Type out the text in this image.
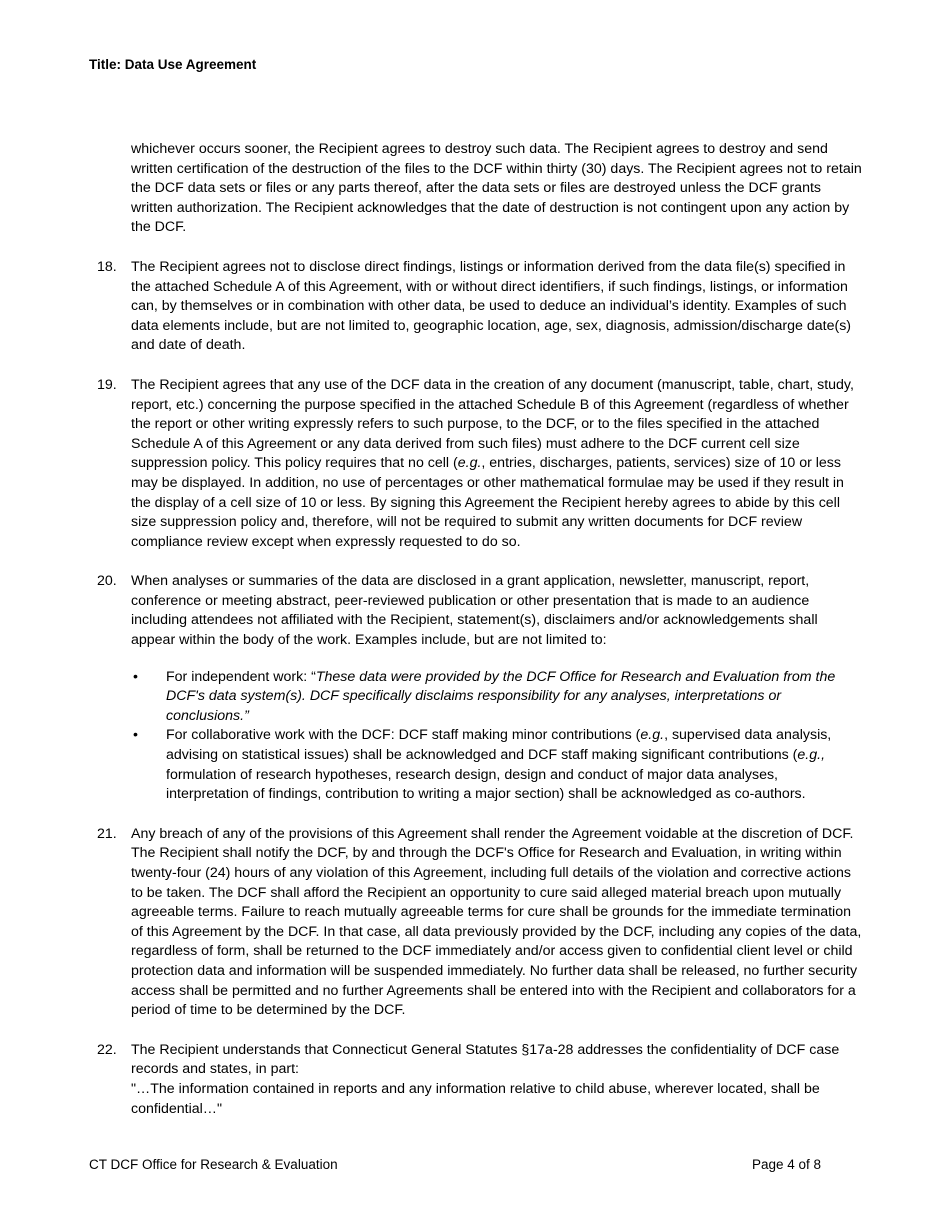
Title: Data Use Agreement

whichever occurs sooner, the Recipient agrees to destroy such data. The Recipient agrees to destroy and send written certification of the destruction of the files to the DCF within thirty (30) days. The Recipient agrees not to retain the DCF data sets or files or any parts thereof, after the data sets or files are destroyed unless the DCF grants written authorization. The Recipient acknowledges that the date of destruction is not contingent upon any action by the DCF.

18. The Recipient agrees not to disclose direct findings, listings or information derived from the data file(s) specified in the attached Schedule A of this Agreement, with or without direct identifiers, if such findings, listings, or information can, by themselves or in combination with other data, be used to deduce an individual’s identity. Examples of such data elements include, but are not limited to, geographic location, age, sex, diagnosis, admission/discharge date(s) and date of death.

19. The Recipient agrees that any use of the DCF data in the creation of any document (manuscript, table, chart, study, report, etc.) concerning the purpose specified in the attached Schedule B of this Agreement (regardless of whether the report or other writing expressly refers to such purpose, to the DCF, or to the files specified in the attached Schedule A of this Agreement or any data derived from such files) must adhere to the DCF current cell size suppression policy. This policy requires that no cell (e.g., entries, discharges, patients, services) size of 10 or less may be displayed. In addition, no use of percentages or other mathematical formulae may be used if they result in the display of a cell size of 10 or less. By signing this Agreement the Recipient hereby agrees to abide by this cell size suppression policy and, therefore, will not be required to submit any written documents for DCF review compliance review except when expressly requested to do so.

20. When analyses or summaries of the data are disclosed in a grant application, newsletter, manuscript, report, conference or meeting abstract, peer-reviewed publication or other presentation that is made to an audience including attendees not affiliated with the Recipient, statement(s), disclaimers and/or acknowledgements shall appear within the body of the work. Examples include, but are not limited to:

• For independent work: “These data were provided by the DCF Office for Research and Evaluation from the DCF's data system(s). DCF specifically disclaims responsibility for any analyses, interpretations or conclusions.”
• For collaborative work with the DCF: DCF staff making minor contributions (e.g., supervised data analysis, advising on statistical issues) shall be acknowledged and DCF staff making significant contributions (e.g., formulation of research hypotheses, research design, design and conduct of major data analyses, interpretation of findings, contribution to writing a major section) shall be acknowledged as co-authors.
21. Any breach of any of the provisions of this Agreement shall render the Agreement voidable at the discretion of DCF. The Recipient shall notify the DCF, by and through the DCF's Office for Research and Evaluation, in writing within twenty-four (24) hours of any violation of this Agreement, including full details of the violation and corrective actions to be taken. The DCF shall afford the Recipient an opportunity to cure said alleged material breach upon mutually agreeable terms. Failure to reach mutually agreeable terms for cure shall be grounds for the immediate termination of this Agreement by the DCF. In that case, all data previously provided by the DCF, including any copies of the data, regardless of form, shall be returned to the DCF immediately and/or access given to confidential client level or child protection data and information will be suspended immediately. No further data shall be released, no further security access shall be permitted and no further Agreements shall be entered into with the Recipient and collaborators for a period of time to be determined by the DCF.

22. The Recipient understands that Connecticut General Statutes §17a-28 addresses the confidentiality of DCF case records and states, in part:

"…The information contained in reports and any information relative to child abuse, wherever located, shall be confidential…"

CT DCF Office for Research & Evaluation	Page 4 of 8
